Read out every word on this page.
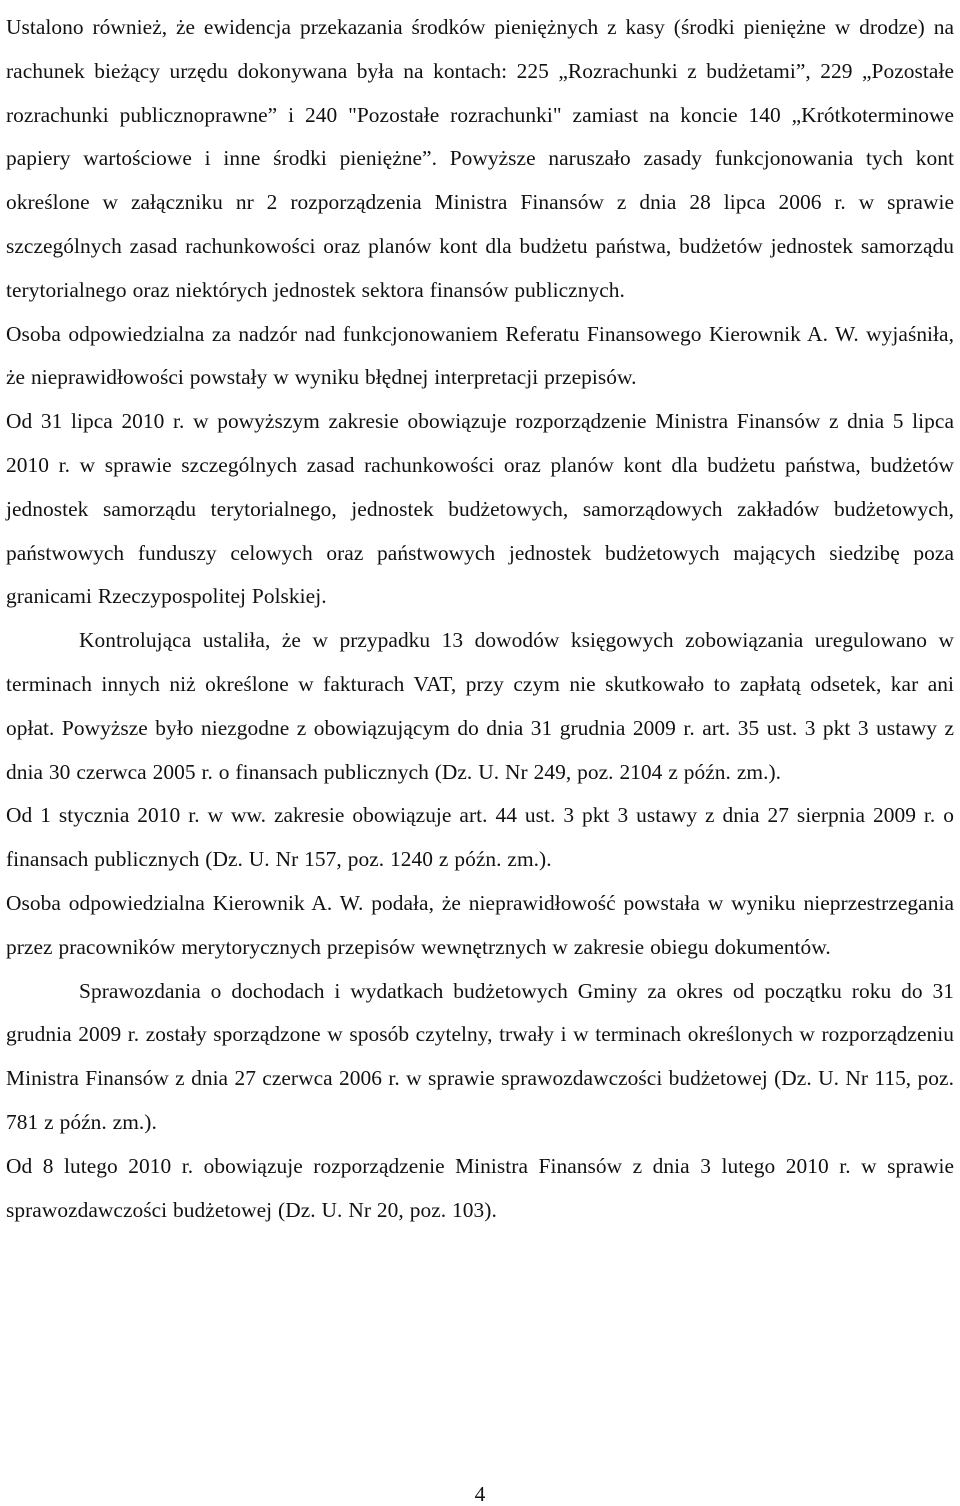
Ustalono również, że ewidencja przekazania środków pieniężnych z kasy (środki pieniężne w drodze) na rachunek bieżący urzędu dokonywana była na kontach: 225 „Rozrachunki z budżetami”, 229 „Pozostałe rozrachunki publicznoprawne” i 240 "Pozostałe rozrachunki" zamiast na koncie 140 „Krótkoterminowe papiery wartościowe i inne środki pieniężne”. Powyższe naruszało zasady funkcjonowania tych kont określone w załączniku nr 2 rozporządzenia Ministra Finansów z dnia 28 lipca 2006 r. w sprawie szczególnych zasad rachunkowości oraz planów kont dla budżetu państwa, budżetów jednostek samorządu terytorialnego oraz niektórych jednostek sektora finansów publicznych.

Osoba odpowiedzialna za nadzór nad funkcjonowaniem Referatu Finansowego Kierownik A. W. wyjaśniła, że nieprawidłowości powstały w wyniku błędnej interpretacji przepisów.

Od 31 lipca 2010 r. w powyższym zakresie obowiązuje rozporządzenie Ministra Finansów z dnia 5 lipca 2010 r. w sprawie szczególnych zasad rachunkowości oraz planów kont dla budżetu państwa, budżetów jednostek samorządu terytorialnego, jednostek budżetowych, samorządowych zakładów budżetowych, państwowych funduszy celowych oraz państwowych jednostek budżetowych mających siedzibę poza granicami Rzeczypospolitej Polskiej.

Kontrolująca ustaliła, że w przypadku 13 dowodów księgowych zobowiązania uregulowano w terminach innych niż określone w fakturach VAT, przy czym nie skutkowało to zapłatą odsetek, kar ani opłat. Powyższe było niezgodne z obowiązującym do dnia 31 grudnia 2009 r. art. 35 ust. 3 pkt 3 ustawy z dnia 30 czerwca 2005 r. o finansach publicznych (Dz. U. Nr 249, poz. 2104 z późn. zm.).

Od 1 stycznia 2010 r. w ww. zakresie obowiązuje art. 44 ust. 3 pkt 3 ustawy z dnia 27 sierpnia 2009 r. o finansach publicznych (Dz. U. Nr 157, poz. 1240 z późn. zm.).

Osoba odpowiedzialna Kierownik A. W. podała, że nieprawidłowość powstała w wyniku nieprzestrzegania przez pracowników merytorycznych przepisów wewnętrznych w zakresie obiegu dokumentów.

Sprawozdania o dochodach i wydatkach budżetowych Gminy za okres od początku roku do 31 grudnia 2009 r. zostały sporządzone w sposób czytelny, trwały i w terminach określonych w rozporządzeniu Ministra Finansów z dnia 27 czerwca 2006 r. w sprawie sprawozdawczości budżetowej (Dz. U. Nr 115, poz. 781 z późn. zm.).

Od 8 lutego 2010 r. obowiązuje rozporządzenie Ministra Finansów z dnia 3 lutego 2010 r. w sprawie sprawozdawczości budżetowej (Dz. U. Nr 20, poz. 103).

4
